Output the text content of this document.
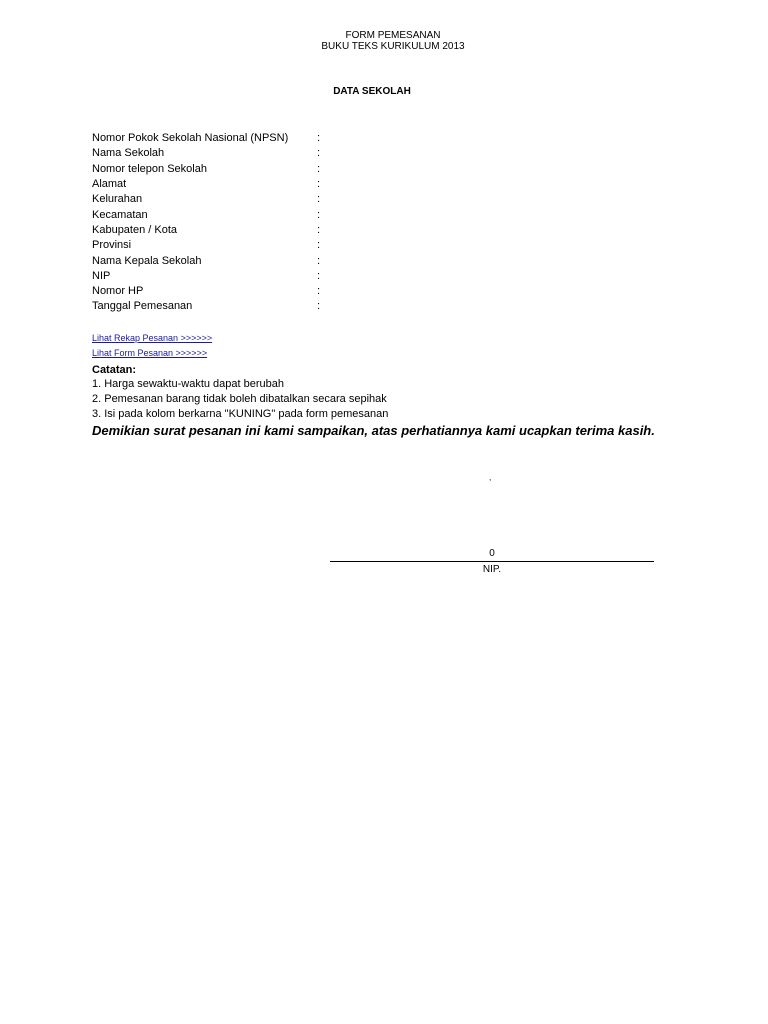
FORM PEMESANAN
BUKU TEKS KURIKULUM 2013
DATA SEKOLAH
Nomor Pokok Sekolah Nasional (NPSN)	:
Nama Sekolah	:
Nomor telepon Sekolah	:
Alamat	:
Kelurahan	:
Kecamatan	:
Kabupaten / Kota	:
Provinsi	:
Nama Kepala Sekolah	:
NIP	:
Nomor HP	:
Tanggal Pemesanan	:
Lihat Rekap Pesanan >>>>>>
Lihat Form Pesanan >>>>>>
Catatan:
1. Harga sewaktu-waktu dapat berubah
2. Pemesanan barang tidak boleh dibatalkan secara sepihak
3. Isi pada kolom berkarna "KUNING" pada form pemesanan
Demikian surat pesanan ini kami sampaikan, atas perhatiannya kami ucapkan terima kasih.
,
0
NIP.
